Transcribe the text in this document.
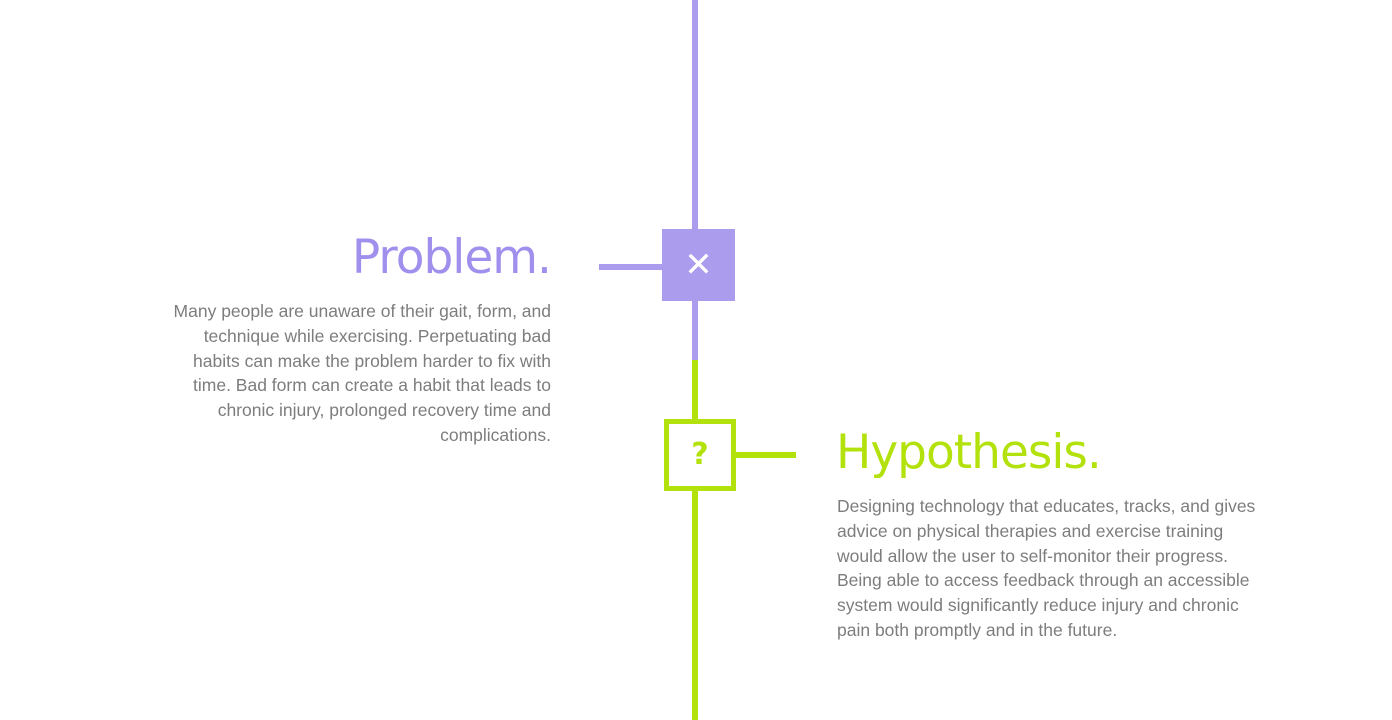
✕
?
Problem.

Many people are unaware of their gait, form, and technique while exercising. Perpetuating bad habits can make the problem harder to fix with time. Bad form can create a habit that leads to chronic injury, prolonged recovery time and complications.	Hypothesis.

Designing technology that educates, tracks, and gives advice on physical therapies and exercise training would allow the user to self-monitor their progress. Being able to access feedback through an accessible system would significantly reduce injury and chronic pain both promptly and in the future.
